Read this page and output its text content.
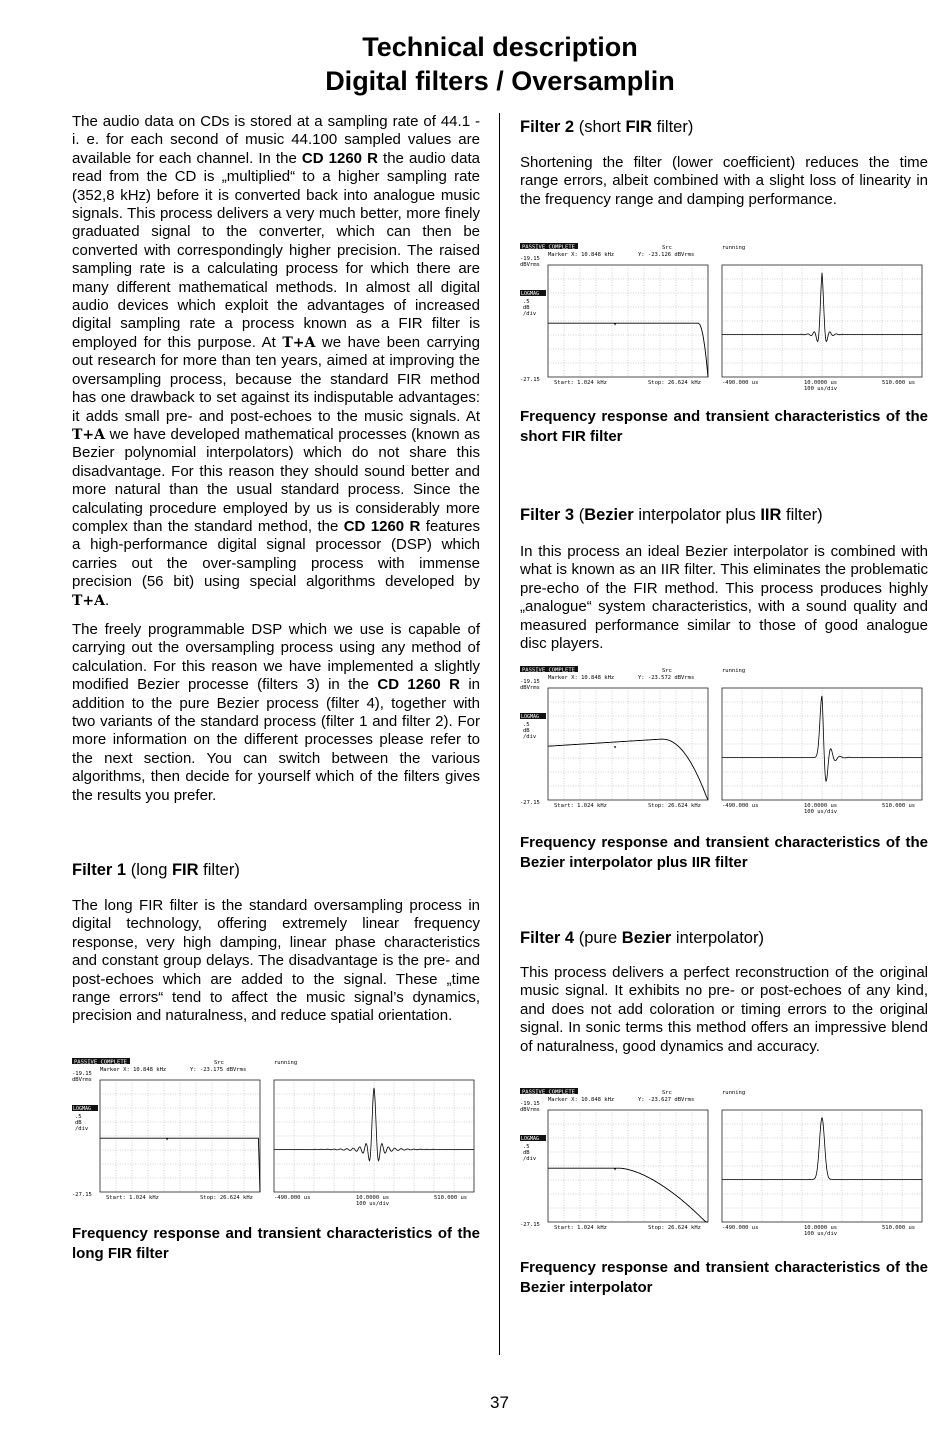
Technical description
Digital filters / Oversamplin

The audio data on CDs is stored at a sampling rate of 44.1 - i. e. for each second of music 44.100 sampled values are available for each channel. In the CD 1260 R the audio data read from the CD is „multiplied“ to a higher sampling rate (352,8 kHz) before it is converted back into analogue music signals. This process delivers a very much better, more finely graduated signal to the converter, which can then be converted with correspondingly higher precision. The raised sampling rate is a calculating process for which there are many different mathematical methods. In almost all digital audio devices which exploit the advantages of increased digital sampling rate a process known as a FIR filter is employed for this purpose. At T+A we have been carrying out research for more than ten years, aimed at improving the oversampling process, because the standard FIR method has one drawback to set against its indisputable advantages: it adds small pre- and post-echoes to the music signals. At T+A we have developed mathematical processes (known as Bezier polynomial interpolators) which do not share this disadvantage. For this reason they should sound better and more natural than the usual standard process. Since the calculating procedure employed by us is considerably more complex than the standard method, the CD 1260 R features a high-performance digital signal processor (DSP) which carries out the over-sampling process with immense precision (56 bit) using special algorithms developed by T+A.

The freely programmable DSP which we use is capable of carrying out the oversampling process using any method of calculation. For this reason we have implemented a slightly modified Bezier processe (filters 3) in the CD 1260 R in addition to the pure Bezier process (filter 4), together with two variants of the standard process (filter 1 and filter 2). For more information on the different processes please refer to the next section. You can switch between the various algorithms, then decide for yourself which of the filters gives the results you prefer.

Filter 1 (long FIR filter)

The long FIR filter is the standard oversampling process in digital technology, offering extremely linear frequency response, very high damping, linear phase characteristics and constant group delays. The disadvantage is the pre- and post-echoes which are added to the signal. These „time range errors“ tend to affect the music signal’s dynamics, precision and naturalness, and reduce spatial orientation.

PASSIVE COMPLETE	Src
Marker X: 10.848 kHz	Y: -23.175 dBVrms
running
-19.15
dBVrms
LOGMAG
.5
dB
/div
-27.15	Start: 1.024 kHz	Stop: 26.624 kHz	-490.000 us	10.0000 us
100 us/div
510.000 us
▾
Frequency response and transient characteristics of the long FIR filter
Filter 2 (short FIR filter)

Shortening the filter (lower coefficient) reduces the time range errors, albeit combined with a slight loss of linearity in the frequency range and damping performance.

PASSIVE COMPLETE	Src
Marker X: 10.848 kHz	Y: -23.126 dBVrms
running
-19.15
dBVrms
LOGMAG
.5
dB
/div
-27.15	Start: 1.024 kHz	Stop: 26.624 kHz	-490.000 us	10.0000 us
100 us/div
510.000 us
▾
Frequency response and transient characteristics of the short FIR filter
Filter 3 (Bezier interpolator plus IIR filter)

In this process an ideal Bezier interpolator is combined with what is known as an IIR filter. This eliminates the problematic pre-echo of the FIR method. This process produces highly „analogue“ system characteristics, with a sound quality and measured performance similar to those of good analogue disc players.

PASSIVE COMPLETE	Src
Marker X: 10.848 kHz	Y: -23.572 dBVrms
running
-19.15
dBVrms
LOGMAG
.5
dB
/div
-27.15	Start: 1.024 kHz	Stop: 26.624 kHz	-490.000 us	10.0000 us
100 us/div
510.000 us
▾
Frequency response and transient characteristics of the Bezier interpolator plus IIR filter
Filter 4 (pure Bezier interpolator)

This process delivers a perfect reconstruction of the original music signal. It exhibits no pre- or post-echoes of any kind, and does not add coloration or timing errors to the original signal. In sonic terms this method offers an impressive blend of naturalness, good dynamics and accuracy.

PASSIVE COMPLETE	Src
Marker X: 10.848 kHz	Y: -23.627 dBVrms
running
-19.15
dBVrms
LOGMAG
.5
dB
/div
-27.15	Start: 1.024 kHz	Stop: 26.624 kHz	-490.000 us	10.0000 us
100 us/div
510.000 us
▾
Frequency response and transient characteristics of the Bezier interpolator
37
